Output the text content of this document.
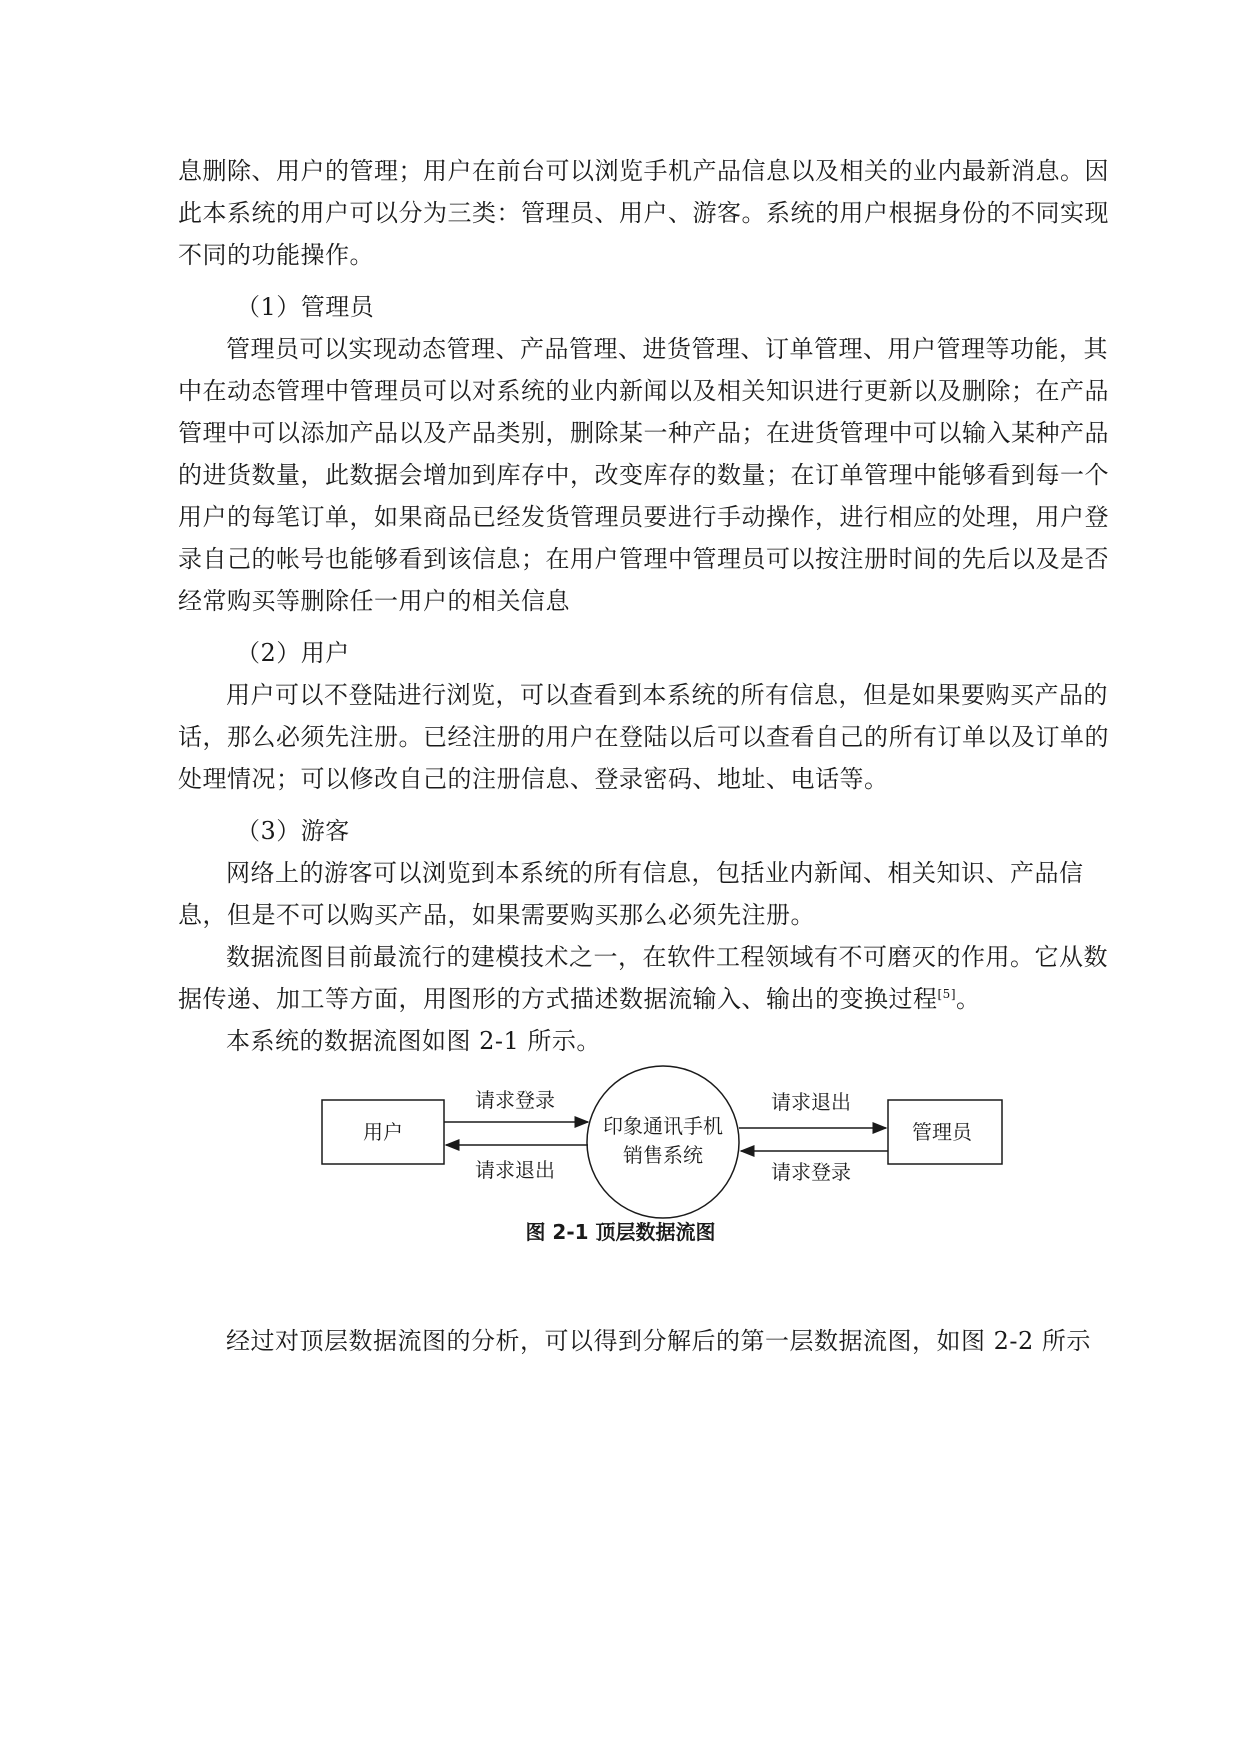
息删除、用户的管理；用户在前台可以浏览手机产品信息以及相关的业内最新消息。因此本系统的用户可以分为三类：管理员、用户、游客。系统的用户根据身份的不同实现不同的功能操作。

（1）管理员

管理员可以实现动态管理、产品管理、进货管理、订单管理、用户管理等功能，其中在动态管理中管理员可以对系统的业内新闻以及相关知识进行更新以及删除；在产品管理中可以添加产品以及产品类别，删除某一种产品；在进货管理中可以输入某种产品的进货数量，此数据会增加到库存中，改变库存的数量；在订单管理中能够看到每一个用户的每笔订单，如果商品已经发货管理员要进行手动操作，进行相应的处理，用户登录自己的帐号也能够看到该信息；在用户管理中管理员可以按注册时间的先后以及是否经常购买等删除任一用户的相关信息

（2）用户

用户可以不登陆进行浏览，可以查看到本系统的所有信息，但是如果要购买产品的话，那么必须先注册。已经注册的用户在登陆以后可以查看自己的所有订单以及订单的处理情况；可以修改自己的注册信息、登录密码、地址、电话等。

（3）游客

网络上的游客可以浏览到本系统的所有信息，包括业内新闻、相关知识、产品信息，但是不可以购买产品，如果需要购买那么必须先注册。

数据流图目前最流行的建模技术之一，在软件工程领域有不可磨灭的作用。它从数据传递、加工等方面，用图形的方式描述数据流输入、输出的变换过程[5]。

本系统的数据流图如图 2-1 所示。

用户	管理员
印象通讯手机
销售系统
请求登录
请求退出
请求退出
请求登录
图 2-1 顶层数据流图

经过对顶层数据流图的分析，可以得到分解后的第一层数据流图，如图 2-2 所示
